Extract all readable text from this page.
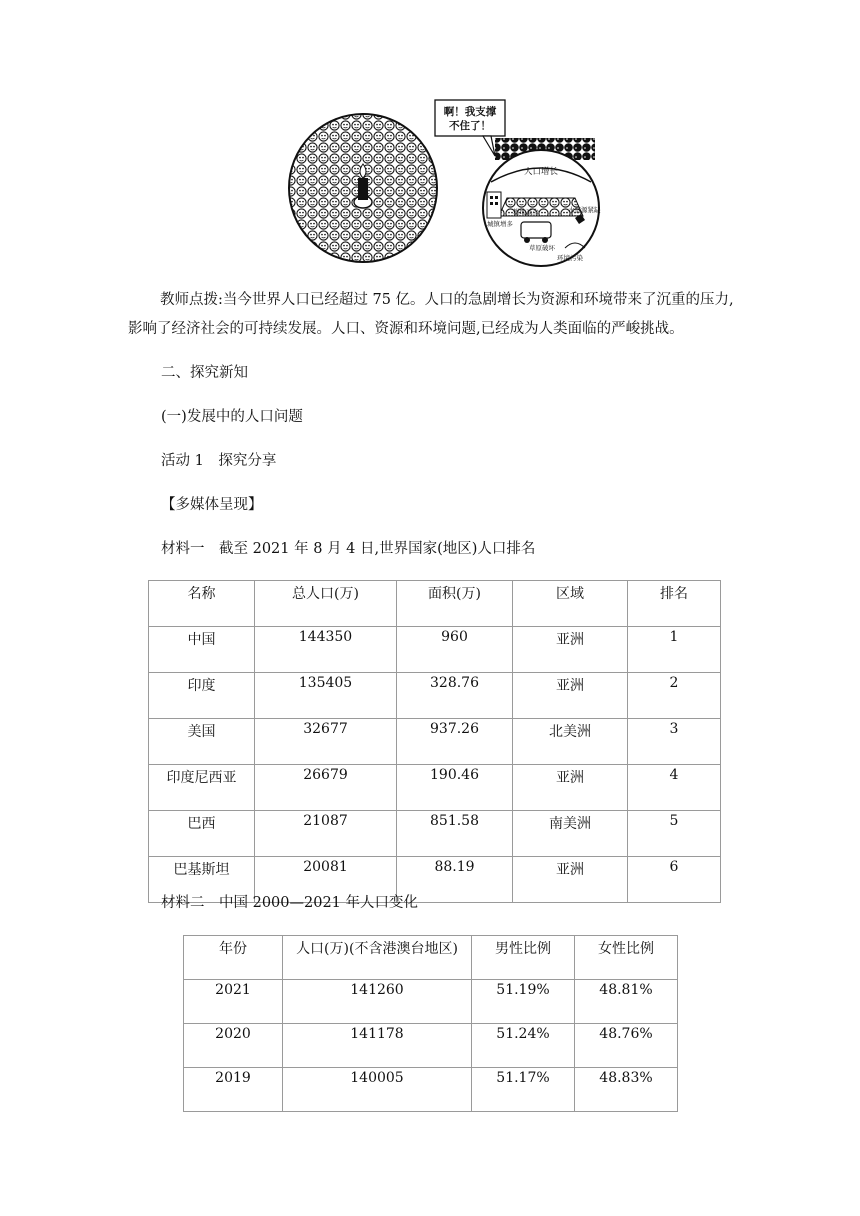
啊！我支撑
不住了！
人口增长
城镇增多
耕地减少	水资源紧缺
草原破坏
环境污染

教师点拨:当今世界人口已经超过 75 亿。人口的急剧增长为资源和环境带来了沉重的压力,影响了经济社会的可持续发展。人口、资源和环境问题,已经成为人类面临的严峻挑战。

二、探究新知
(一)发展中的人口问题
活动 1　探究分享
【多媒体呈现】
材料一　截至 2021 年 8 月 4 日,世界国家(地区)人口排名
名称	总人口(万)	面积(万)	区域	排名
中国	144350	960	亚洲	1
印度	135405	328.76	亚洲	2
美国	32677	937.26	北美洲	3
印度尼西亚	26679	190.46	亚洲	4
巴西	21087	851.58	南美洲	5
巴基斯坦	20081	88.19	亚洲	6
材料二　中国 2000—2021 年人口变化
年份	人口(万)(不含港澳台地区)	男性比例	女性比例
2021	141260	51.19%	48.81%
2020	141178	51.24%	48.76%
2019	140005	51.17%	48.83%
